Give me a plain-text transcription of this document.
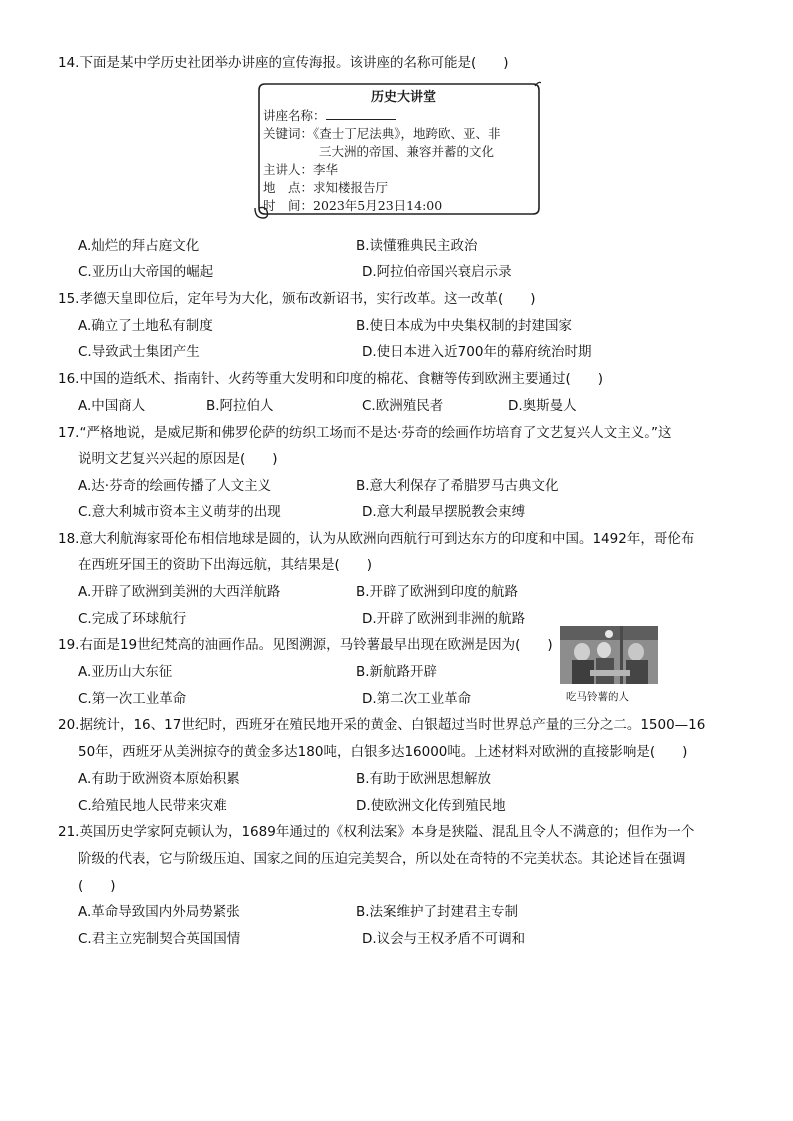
14.下面是某中学历史社团举办讲座的宣传海报。该讲座的名称可能是(　　)
历史大讲堂
讲座名称：
关键词：《查士丁尼法典》，地跨欧、亚、非
三大洲的帝国、兼容并蓄的文化
主讲人：李华
地　点：求知楼报告厅
时　间：2023年5月23日14:00
A.灿烂的拜占庭文化	B.读懂雅典民主政治
C.亚历山大帝国的崛起	D.阿拉伯帝国兴衰启示录
15.孝德天皇即位后，定年号为大化，颁布改新诏书，实行改革。这一改革(　　)
A.确立了土地私有制度	B.使日本成为中央集权制的封建国家
C.导致武士集团产生	D.使日本进入近700年的幕府统治时期
16.中国的造纸术、指南针、火药等重大发明和印度的棉花、食糖等传到欧洲主要通过(　　)
A.中国商人	B.阿拉伯人	C.欧洲殖民者	D.奥斯曼人
17.“严格地说，是威尼斯和佛罗伦萨的纺织工场而不是达·芬奇的绘画作坊培育了文艺复兴人文主义。”这
说明文艺复兴兴起的原因是(　　)
A.达·芬奇的绘画传播了人文主义	B.意大利保存了希腊罗马古典文化
C.意大利城市资本主义萌芽的出现	D.意大利最早摆脱教会束缚
18.意大利航海家哥伦布相信地球是圆的，认为从欧洲向西航行可到达东方的印度和中国。1492年，哥伦布
在西班牙国王的资助下出海远航，其结果是(　　)
A.开辟了欧洲到美洲的大西洋航路	B.开辟了欧洲到印度的航路
C.完成了环球航行	D.开辟了欧洲到非洲的航路
19.右面是19世纪梵高的油画作品。见图溯源，马铃薯最早出现在欧洲是因为(　　)
吃马铃薯的人
A.亚历山大东征	B.新航路开辟
C.第一次工业革命	D.第二次工业革命
20.据统计，16、17世纪时，西班牙在殖民地开采的黄金、白银超过当时世界总产量的三分之二。1500—16
50年，西班牙从美洲掠夺的黄金多达180吨，白银多达16000吨。上述材料对欧洲的直接影响是(　　)
A.有助于欧洲资本原始积累	B.有助于欧洲思想解放
C.给殖民地人民带来灾难	D.使欧洲文化传到殖民地
21.英国历史学家阿克顿认为，1689年通过的《权利法案》本身是狭隘、混乱且令人不满意的；但作为一个
阶级的代表，它与阶级压迫、国家之间的压迫完美契合，所以处在奇特的不完美状态。其论述旨在强调
(　　)
A.革命导致国内外局势紧张	B.法案维护了封建君主专制
C.君主立宪制契合英国国情	D.议会与王权矛盾不可调和
